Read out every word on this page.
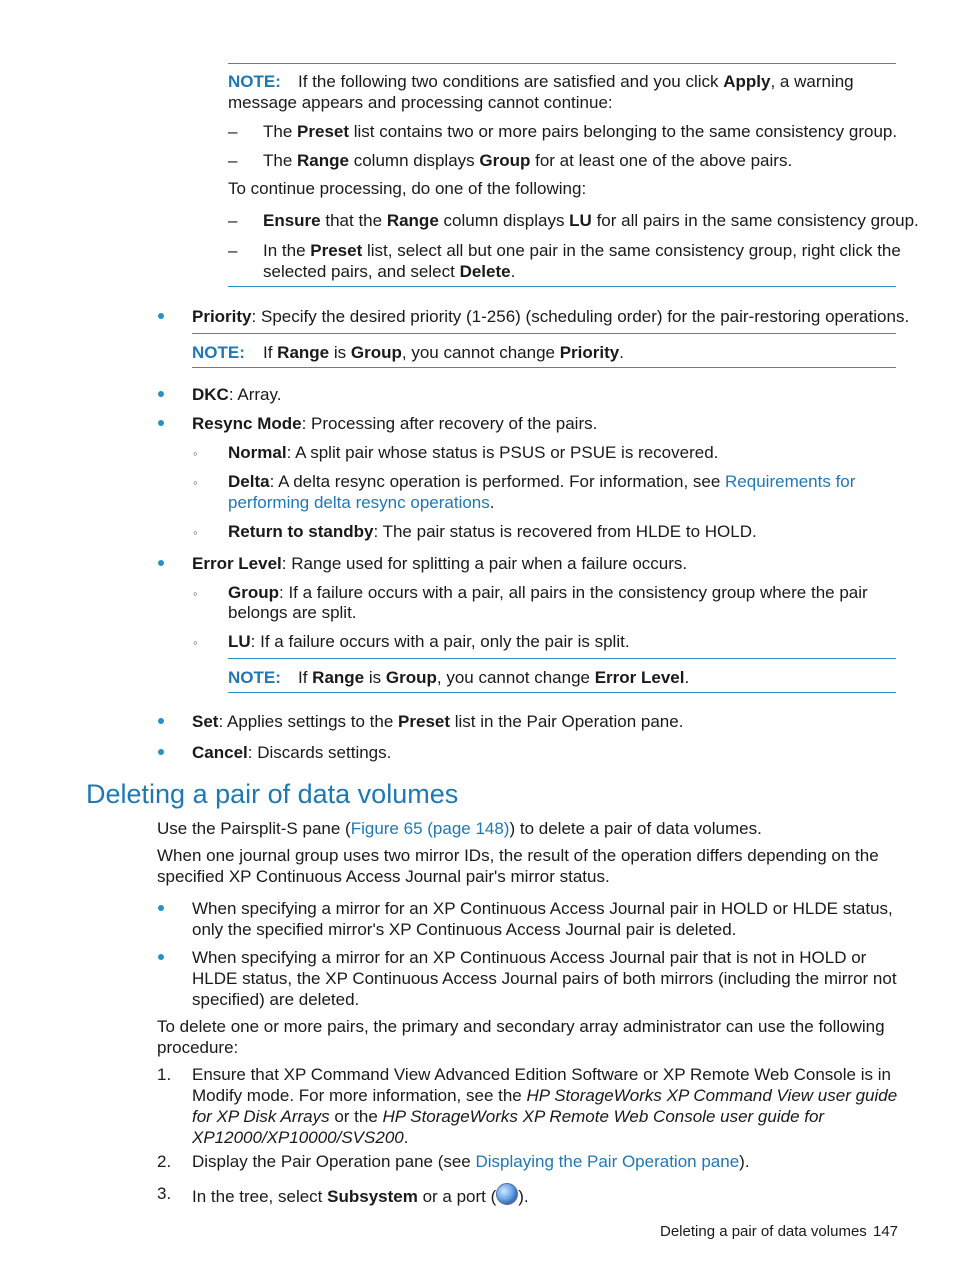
NOTE: If the following two conditions are satisfied and you click Apply, a warning
message appears and processing cannot continue:
– The Preset list contains two or more pairs belonging to the same consistency group.
– The Range column displays Group for at least one of the above pairs.
To continue processing, do one of the following:
– Ensure that the Range column displays LU for all pairs in the same consistency group.
– In the Preset list, select all but one pair in the same consistency group, right click the
selected pairs, and select Delete.
Priority: Specify the desired priority (1-256) (scheduling order) for the pair-restoring operations.
NOTE: If Range is Group, you cannot change Priority.
DKC: Array.
Resync Mode: Processing after recovery of the pairs.
◦ Normal: A split pair whose status is PSUS or PSUE is recovered.
◦ Delta: A delta resync operation is performed. For information, see Requirements for
performing delta resync operations.
◦ Return to standby: The pair status is recovered from HLDE to HOLD.
Error Level: Range used for splitting a pair when a failure occurs.
◦ Group: If a failure occurs with a pair, all pairs in the consistency group where the pair
belongs are split.
◦ LU: If a failure occurs with a pair, only the pair is split.
NOTE: If Range is Group, you cannot change Error Level.
Set: Applies settings to the Preset list in the Pair Operation pane.
Cancel: Discards settings.
Deleting a pair of data volumes
Use the Pairsplit-S pane (Figure 65 (page 148)) to delete a pair of data volumes.
When one journal group uses two mirror IDs, the result of the operation differs depending on the
specified XP Continuous Access Journal pair's mirror status.
When specifying a mirror for an XP Continuous Access Journal pair in HOLD or HLDE status,
only the specified mirror's XP Continuous Access Journal pair is deleted.
When specifying a mirror for an XP Continuous Access Journal pair that is not in HOLD or
HLDE status, the XP Continuous Access Journal pairs of both mirrors (including the mirror not
specified) are deleted.
To delete one or more pairs, the primary and secondary array administrator can use the following
procedure:
1. Ensure that XP Command View Advanced Edition Software or XP Remote Web Console is in
Modify mode. For more information, see the HP StorageWorks XP Command View user guide
for XP Disk Arrays or the HP StorageWorks XP Remote Web Console user guide for
XP12000/XP10000/SVS200.
2. Display the Pair Operation pane (see Displaying the Pair Operation pane).
3. In the tree, select Subsystem or a port ( ).
Deleting a pair of data volumes 147
